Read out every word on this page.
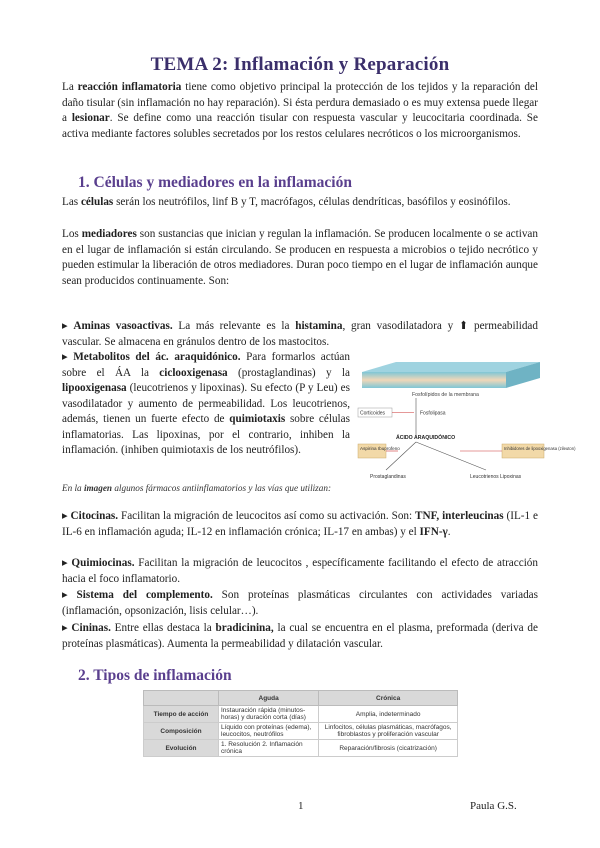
TEMA 2: Inflamación y Reparación

La reacción inflamatoria tiene como objetivo principal la protección de los tejidos y la reparación del daño tisular (sin inflamación no hay reparación). Si ésta perdura demasiado o es muy extensa puede llegar a lesionar. Se define como una reacción tisular con respuesta vascular y leucocitaria coordinada. Se activa mediante factores solubles secretados por los restos celulares necróticos o los microorganismos.

1. Células y mediadores en la inflamación

Las células serán los neutrófilos, linf B y T, macrófagos, células dendríticas, basófilos y eosinófilos.

Los mediadores son sustancias que inician y regulan la inflamación. Se producen localmente o se activan en el lugar de inflamación si están circulando. Se producen en respuesta a microbios o tejido necrótico y pueden estimular la liberación de otros mediadores. Duran poco tiempo en el lugar de inflamación aunque sean producidos continuamente. Son:

▸ Aminas vasoactivas. La más relevante es la histamina, gran vasodilatadora y ⬆ permeabilidad vascular. Se almacena en gránulos dentro de los mastocitos.

▸ Metabolitos del ác. araquidónico. Para formarlos actúan sobre el ÁA la ciclooxigenasa (prostaglandinas) y la lipooxigenasa (leucotrienos y lipoxinas). Su efecto (P y Leu) es vasodilatador y aumento de permeabilidad. Los leucotrienos, además, tienen un fuerte efecto de quimiotaxis sobre células inflamatorias. Las lipoxinas, por el contrario, inhiben la inflamación. (inhiben quimiotaxis de los neutrófilos).

En la imagen algunos fármacos antiinflamatorios y las vías que utilizan:
Fosfolípidos de la membrana
Corticoides	Fosfolipasa
ÁCIDO ARAQUIDÓNICO
Aspirina Ibuprofeno	Inhibidores de lipooxigenasa (zileuton)
Prostaglandinas	Leucotrienos Lipoxinas

▸ Citocinas. Facilitan la migración de leucocitos así como su activación. Son: TNF, interleucinas (IL-1 e IL-6 en inflamación aguda; IL-12 en inflamación crónica; IL-17 en ambas) y el IFN-γ.

▸ Quimiocinas. Facilitan la migración de leucocitos , específicamente facilitando el efecto de atracción hacia el foco inflamatorio.

▸ Sistema del complemento. Son proteínas plasmáticas circulantes con actividades variadas (inflamación, opsonización, lisis celular…).

▸ Cininas. Entre ellas destaca la bradicinina, la cual se encuentra en el plasma, preformada (deriva de proteínas plasmáticas). Aumenta la permeabilidad y dilatación vascular.

2. Tipos de inflamación
	Aguda	Crónica
Tiempo de acción	Instauración rápida (minutos-horas) y duración corta (días)	Amplia, indeterminado
Composición	Líquido con proteínas (edema), leucocitos, neutrófilos	Linfocitos, células plasmáticas, macrófagos, fibroblastos y proliferación vascular
Evolución	1. Resolución 2. Inflamación crónica	Reparación/fibrosis (cicatrización)
1	Paula G.S.
